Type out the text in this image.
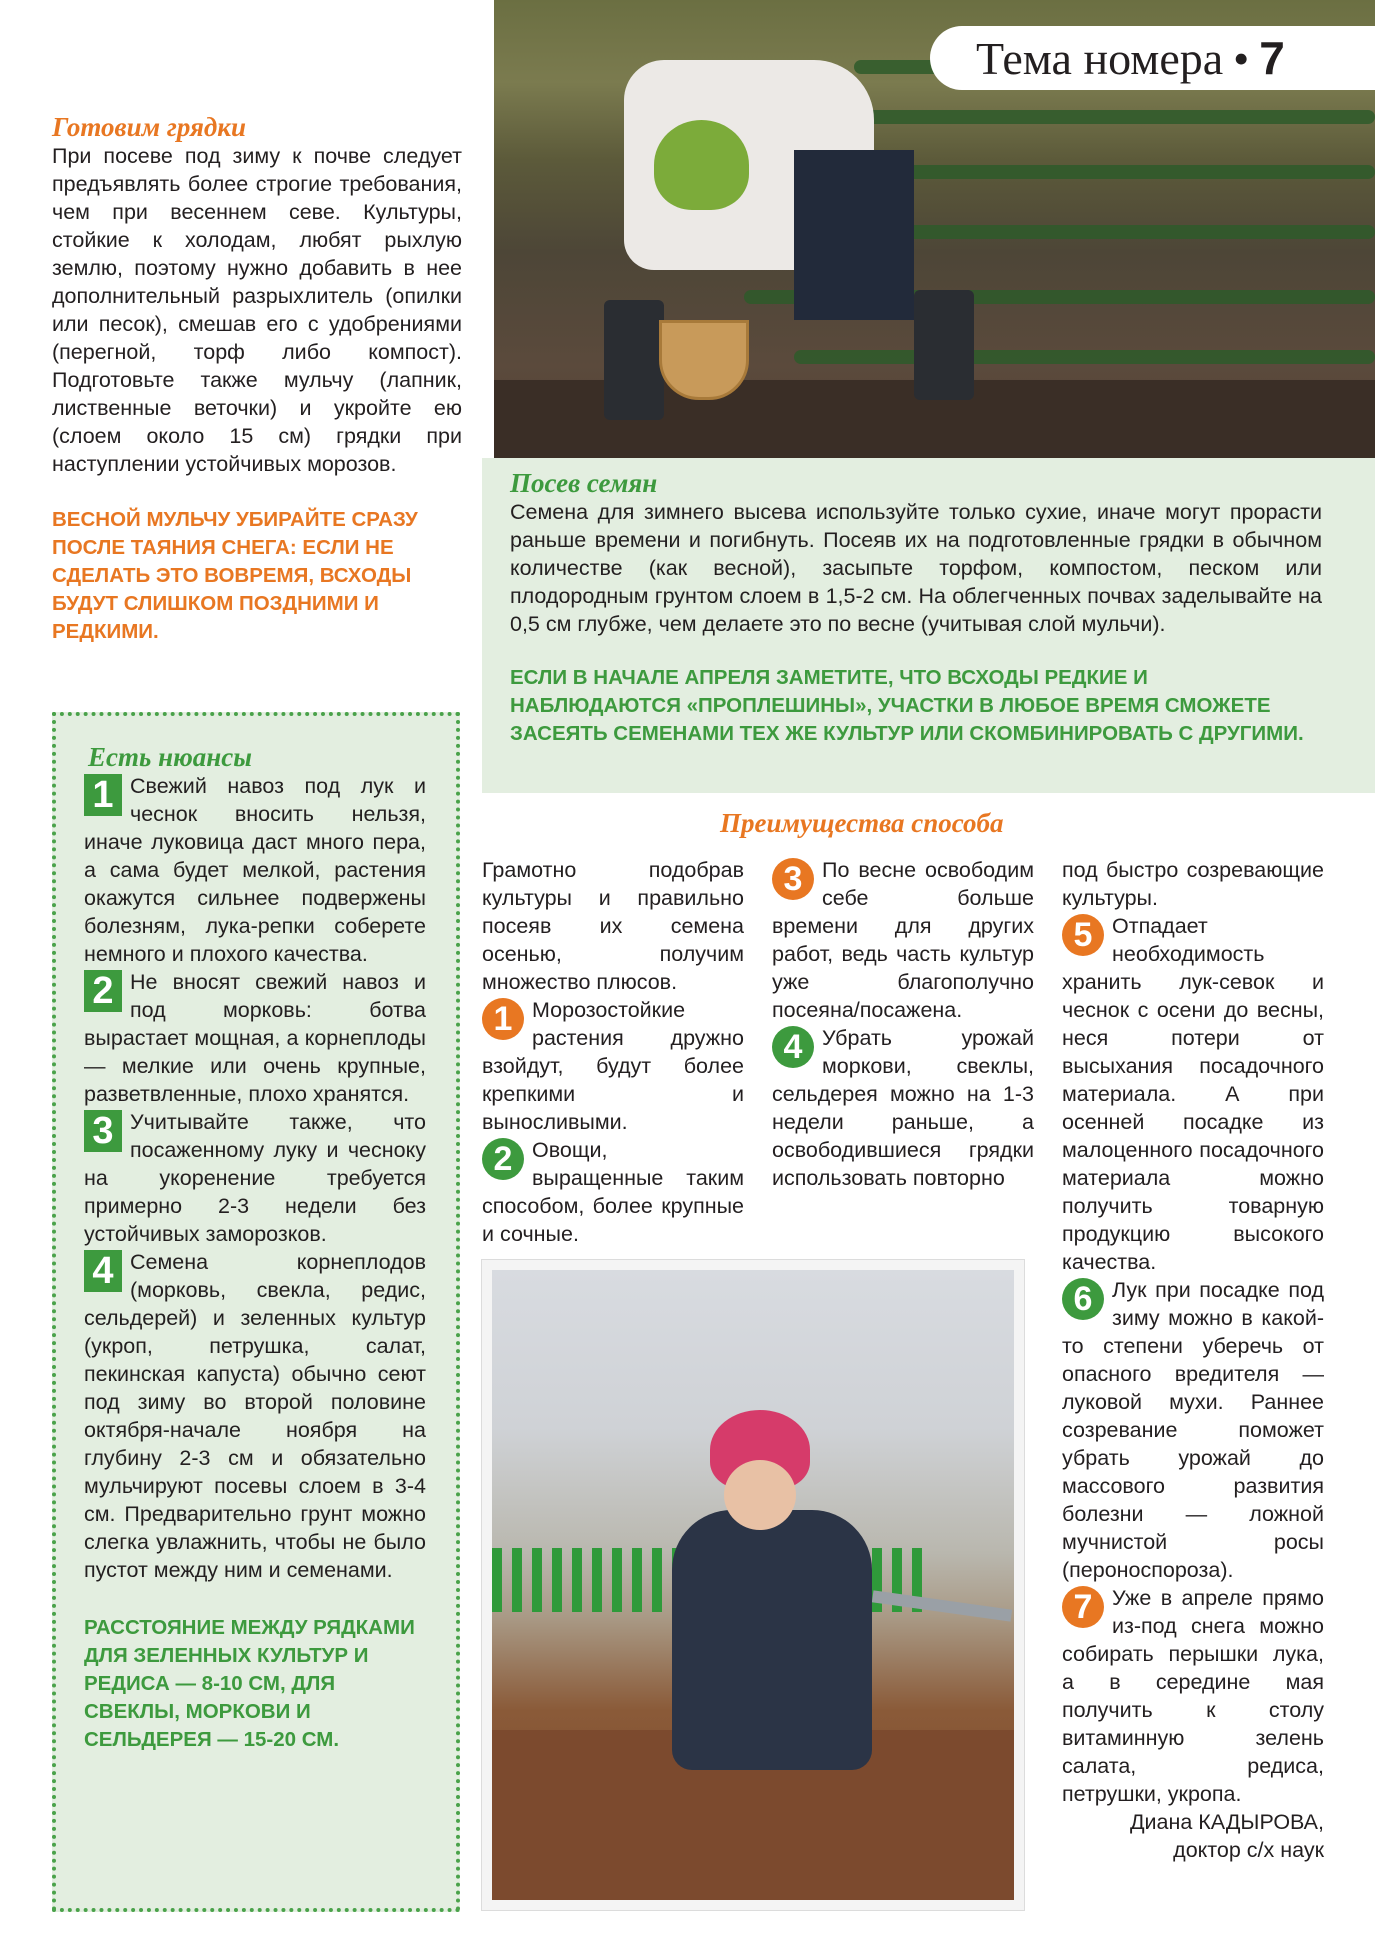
Тема номера • 7
Готовим грядки
При посеве под зиму к почве следует предъявлять более строгие требования, чем при весеннем севе. Культуры, стойкие к холодам, любят рыхлую землю, поэтому нужно добавить в нее дополнительный разрыхлитель (опилки или песок), смешав его с удобрениями (перегной, торф либо компост). Подготовьте также мульчу (лапник, лиственные веточки) и укройте ею (слоем около 15 см) грядки при наступлении устойчивых морозов.
ВЕСНОЙ МУЛЬЧУ УБИРАЙТЕ СРАЗУ ПОСЛЕ ТАЯНИЯ СНЕГА: ЕСЛИ НЕ СДЕЛАТЬ ЭТО ВОВРЕМЯ, ВСХОДЫ БУДУТ СЛИШКОМ ПОЗДНИМИ И РЕДКИМИ.
Есть нюансы
1 Свежий навоз под лук и чеснок вносить нельзя, иначе луковица даст много пера, а сама будет мелкой, растения окажутся сильнее подвержены болезням, лука-репки соберете немного и плохого качества.
2 Не вносят свежий навоз и под морковь: ботва вырастает мощная, а корнеплоды — мелкие или очень крупные, разветвленные, плохо хранятся.
3 Учитывайте также, что посаженному луку и чесноку на укоренение требуется примерно 2-3 недели без устойчивых заморозков.
4 Семена корнеплодов (морковь, свекла, редис, сельдерей) и зеленных культур (укроп, петрушка, салат, пекинская капуста) обычно сеют под зиму во второй половине октября-начале ноября на глубину 2-3 см и обязательно мульчируют посевы слоем в 3-4 см. Предварительно грунт можно слегка увлажнить, чтобы не было пустот между ним и семенами.
РАССТОЯНИЕ МЕЖДУ РЯДКАМИ ДЛЯ ЗЕЛЕННЫХ КУЛЬТУР И РЕДИСА — 8-10 СМ, ДЛЯ СВЕКЛЫ, МОРКОВИ И СЕЛЬДЕРЕЯ — 15-20 СМ.
Посев семян
Семена для зимнего высева используйте только сухие, иначе могут прорасти раньше времени и погибнуть. Посеяв их на подготовленные грядки в обычном количестве (как весной), засыпьте торфом, компостом, песком или плодородным грунтом слоем в 1,5-2 см. На облегченных почвах заделывайте на 0,5 см глубже, чем делаете это по весне (учитывая слой мульчи).
ЕСЛИ В НАЧАЛЕ АПРЕЛЯ ЗАМЕТИТЕ, ЧТО ВСХОДЫ РЕДКИЕ И НАБЛЮДАЮТСЯ «ПРОПЛЕШИНЫ», УЧАСТКИ В ЛЮБОЕ ВРЕМЯ СМОЖЕТЕ ЗАСЕЯТЬ СЕМЕНАМИ ТЕХ ЖЕ КУЛЬТУР ИЛИ СКОМБИНИРОВАТЬ С ДРУГИМИ.
Преимущества способа
Грамотно подобрав культуры и правильно посеяв их семена осенью, получим множество плюсов.
1 Морозостойкие растения дружно взойдут, будут более крепкими и выносливыми.
2 Овощи, выращенные таким способом, более крупные и сочные.
3 По весне освободим себе больше времени для других работ, ведь часть культур уже благополучно посеяна/посажена.
4 Убрать урожай моркови, свеклы, сельдерея можно на 1-3 недели раньше, а освободившиеся грядки использовать повторно
под быстро созревающие культуры.
5 Отпадает необходимость хранить лук-севок и чеснок с осени до весны, неся потери от высыхания посадочного материала. А при осенней посадке из малоценного посадочного материала можно получить товарную продукцию высокого качества.
6 Лук при посадке под зиму можно в какой-то степени уберечь от опасного вредителя — луковой мухи. Раннее созревание поможет убрать урожай до массового развития болезни — ложной мучнистой росы (пероноспороза).
7 Уже в апреле прямо из-под снега можно собирать перышки лука, а в середине мая получить к столу витаминную зелень салата, редиса, петрушки, укропа.
Диана КАДЫРОВА,
доктор с/х наук
